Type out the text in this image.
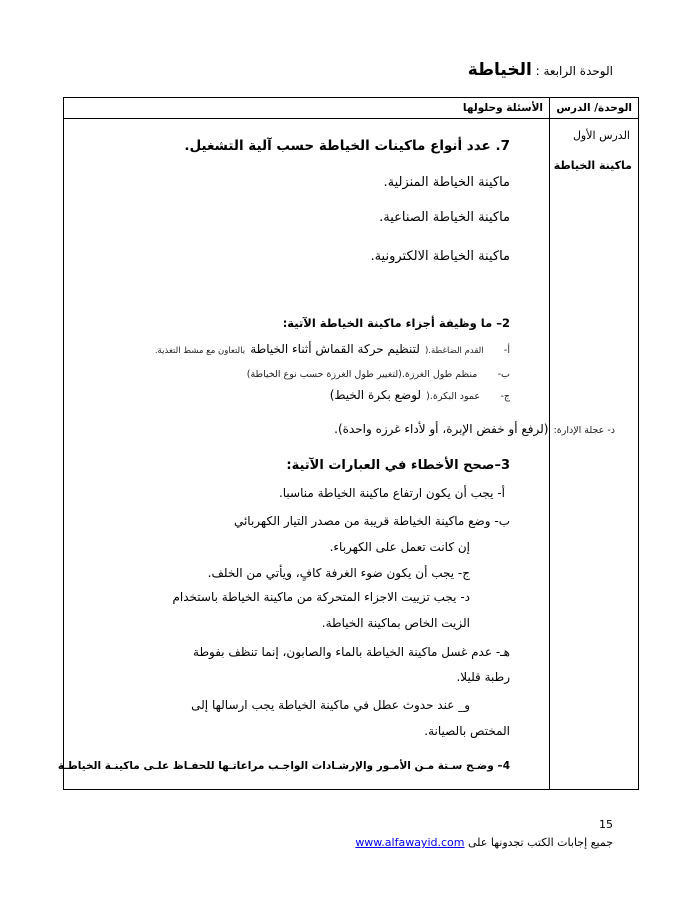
الوحدة الرابعة : الخياطة
الوحدة/ الدرس	الأسئلة وحلولها

الدرس الأول
ماكينة الخياطة	

7. عدد أنواع ماكينات الخياطة حسب آلية التشغيل.
ماكينة الخياطة المنزلية.
ماكينة الخياطة الصناعية.
ماكينة الخياطة الالكترونية.
2– ما وظيفة أجزاء ماكينة الخياطة الآتية:
أ-    القدم الضاغطة.( لتنظيم حركة القماش أثناء الخياطة بالتعاون مع مشط التغذية.
ب-    منظم طول الغرزة.(لتغيير طول الغرزة حسب نوع الخياطة)
ج-    عمود البكرة.( لوضع بكرة الخيط)
د- عجلة الإدارة: (لرفع أو خفض الإبرة، أو لأداء غرزه واحدة).
3–صحح الأخطاء في العبارات الآتية:
أ- يجب أن يكون ارتفاع ماكينة الخياطة مناسبا.
ب- وضع ماكينة الخياطة قريبة من مصدر التيار الكهربائي
إن كانت تعمل على الكهرباء.
ج- يجب أن يكون ضوء الغرفة كافٍ، ويأتي من الخلف.
د- يجب تزييت الاجزاء المتحركة من ماكينة الخياطة باستخدام
الزيت الخاص بماكينة الخياطة.
هـ- عدم غسل ماكينة الخياطة بالماء والصابون، إنما تنظف بفوطة
رطبة قليلا.
و_ عند حدوث عطل في ماكينة الخياطة يجب ارسالها إلى
المختص بالصيانة.
4– وضـح سـتة مـن الأمـور والإرشـادات الواجـب مراعاتـها للحفـاظ علـى ماكينـة الخياطـة
15
جميع إجابات الكتب تجدونها على www.alfawayid.com
